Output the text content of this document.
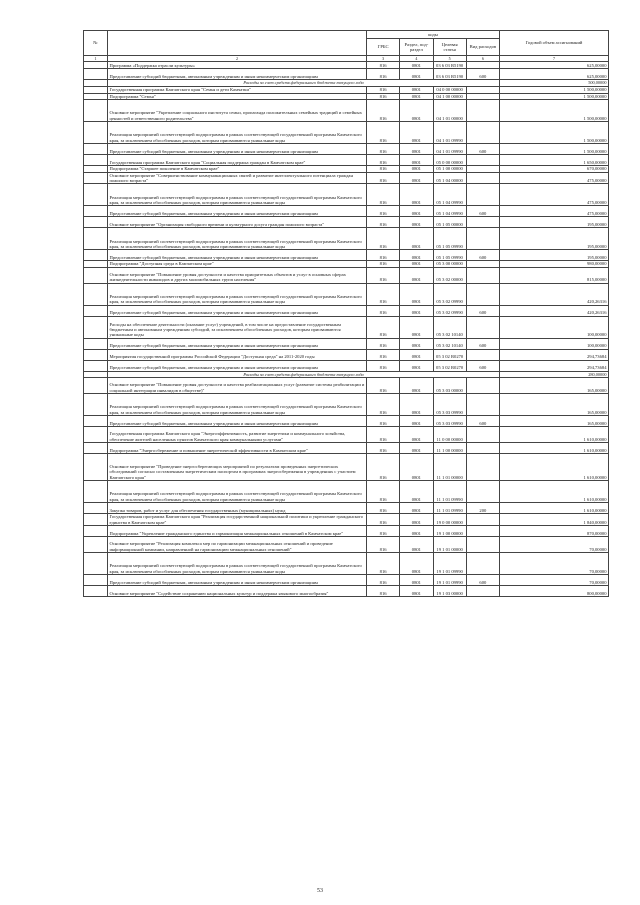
№		коды				Годовой объем ассигнований
		ГРБС	Раздел, под-раздел	Целевая статья	Вид расходов	
1	2	3	4	5	6	7
	Программа «Поддержка отрасли культуры»	816	0801	03 6 03 R5190		625,00000
	Предоставление субсидий бюджетным, автономным учреждениям и иным некоммерческим организациям	816	0801	03 6 03 R5190	600	625,00000
	Расходы за счет средств федерального бюджета текущего года					500,00000
	Государственная программа Камчатского края "Семья и дети Камчатки"	816	0801	04 0 00 00000		1 500,00000
	Подпрограмма "Семья"	816	0801	04 1 00 00000		1 500,00000
	Основное мероприятие "Укрепление социального института семьи, пропаганда положительных семейных традиций и семейных ценностей и ответственного родительства"	816	0801	04 1 01 00000		1 500,00000
	Реализация мероприятий соответствующей подпрограммы в рамках соответствующей государственной программы Камчатского края, за исключением обособленных расходов, которым присваиваются уникальные коды	816	0801	04 1 01 09990		1 500,00000
	Предоставление субсидий бюджетным, автономным учреждениям и иным некоммерческим организациям	816	0801	04 1 01 09990	600	1 500,00000
	Государственная программа Камчатского края "Социальная поддержка граждан в Камчатском крае"	816	0801	05 0 00 00000		1 650,00000
	Подпрограмма "Старшее поколение в Камчатском крае"	816	0801	05 1 00 00000		670,00000
	Основное мероприятие "Совершенствование коммуникационных связей и развитие интеллектуального потенциала граждан пожилого возраста"	816	0801	05 1 04 00000		475,00000
	Реализация мероприятий соответствующей подпрограммы в рамках соответствующей государственной программы Камчатского края, за исключением обособленных расходов, которым присваиваются уникальные коды	816	0801	05 1 04 09990		475,00000
	Предоставление субсидий бюджетным, автономным учреждениям и иным некоммерческим организациям	816	0801	05 1 04 09990	600	475,00000
	Основное мероприятие "Организация свободного времени и культурного досуга граждан пожилого возраста"	816	0801	05 1 05 00000		195,00000
	Реализация мероприятий соответствующей подпрограммы в рамках соответствующей государственной программы Камчатского края, за исключением обособленных расходов, которым присваиваются уникальные коды	816	0801	05 1 05 09990		195,00000
	Предоставление субсидий бюджетным, автономным учреждениям и иным некоммерческим организациям	816	0801	05 1 05 09990	600	195,00000
	Подпрограмма "Доступная среда в Камчатском крае"	816	0801	05 3 00 00000		980,00000
	Основное мероприятие "Повышение уровня доступности и качества приоритетных объектов и услуг в основных сферах жизнедеятельности инвалидов и других маломобильных групп населения"	816	0801	05 3 02 00000		815,00000
	Реализация мероприятий соответствующей подпрограммы в рамках соответствующей государственной программы Камчатского края, за исключением обособленных расходов, которым присваиваются уникальные коды	816	0801	05 3 02 09990		420,26316
	Предоставление субсидий бюджетным, автономным учреждениям и иным некоммерческим организациям	816	0801	05 3 02 09990	600	420,26316
	Расходы на обеспечение деятельности (оказание услуг) учреждений, в том числе на предоставление государственным бюджетным и автономным учреждениям субсидий, за исключением обособленных расходов, которым присваиваются уникальные коды	816	0801	05 3 02 10140		100,00000
	Предоставление субсидий бюджетным, автономным учреждениям и иным некоммерческим организациям	816	0801	05 3 02 10140	600	100,00000
	Мероприятия государственной программы Российской Федерации "Доступная среда" на 2011-2020 годы	816	0801	05 3 02 R0270		294,73684
	Предоставление субсидий бюджетным, автономным учреждениям и иным некоммерческим организациям	816	0801	05 3 02 R0270	600	294,73684
	Расходы за счет средств федерального бюджета текущего года					280,00000
	Основное мероприятие "Повышение уровня доступности и качества реабилитационных услуг (развитие системы реабилитации и социальной интеграции инвалидов в обществе)"	816	0801	05 3 03 00000		165,00000
	Реализация мероприятий соответствующей подпрограммы в рамках соответствующей государственной программы Камчатского края, за исключением обособленных расходов, которым присваиваются уникальные коды	816	0801	05 3 03 09990		165,00000
	Предоставление субсидий бюджетным, автономным учреждениям и иным некоммерческим организациям	816	0801	05 3 03 09990	600	165,00000
	Государственная программа Камчатского края "Энергоэффективность, развитие энергетики и коммунального хозяйства, обеспечение жителей населенных пунктов Камчатского края коммунальными услугами"	816	0801	11 0 00 00000		1 610,00000
	Подпрограмма "Энергосбережение и повышение энергетической эффективности в Камчатском крае"	816	0801	11 1 00 00000		1 610,00000
	Основное мероприятие "Проведение энергосберегающих мероприятий по результатам проведенных энергетических обследований согласно составленным энергетическим паспортам в программах энергосбережения в учреждениях с участием Камчатского края"	816	0801	11 1 01 00000		1 610,00000
	Реализация мероприятий соответствующей подпрограммы в рамках соответствующей государственной программы Камчатского края, за исключением обособленных расходов, которым присваиваются уникальные коды	816	0801	11 1 01 09990		1 610,00000
	Закупка товаров, работ и услуг для обеспечения государственных (муниципальных) нужд	816	0801	11 1 01 09990	200	1 610,00000
	Государственная программа Камчатского края "Реализация государственной национальной политики и укрепление гражданского единства в Камчатском крае"	816	0801	19 0 00 00000		1 840,00000
	Подпрограмма "Укрепление гражданского единства и гармонизация межнациональных отношений в Камчатском крае"	816	0801	19 1 00 00000		870,00000
	Основное мероприятие "Реализация комплекса мер по гармонизации межнациональных отношений и проведение информационной кампании, направленной на гармонизацию межнациональных отношений"	816	0801	19 1 01 00000		70,00000
	Реализация мероприятий соответствующей подпрограммы в рамках соответствующей государственной программы Камчатского края, за исключением обособленных расходов, которым присваиваются уникальные коды	816	0801	19 1 01 09990		70,00000
	Предоставление субсидий бюджетным, автономным учреждениям и иным некоммерческим организациям	816	0801	19 1 01 09990	600	70,00000
	Основное мероприятие "Содействие сохранению национальных культур и поддержка языкового многообразия"	816	0801	19 1 03 00000		800,00000
53
